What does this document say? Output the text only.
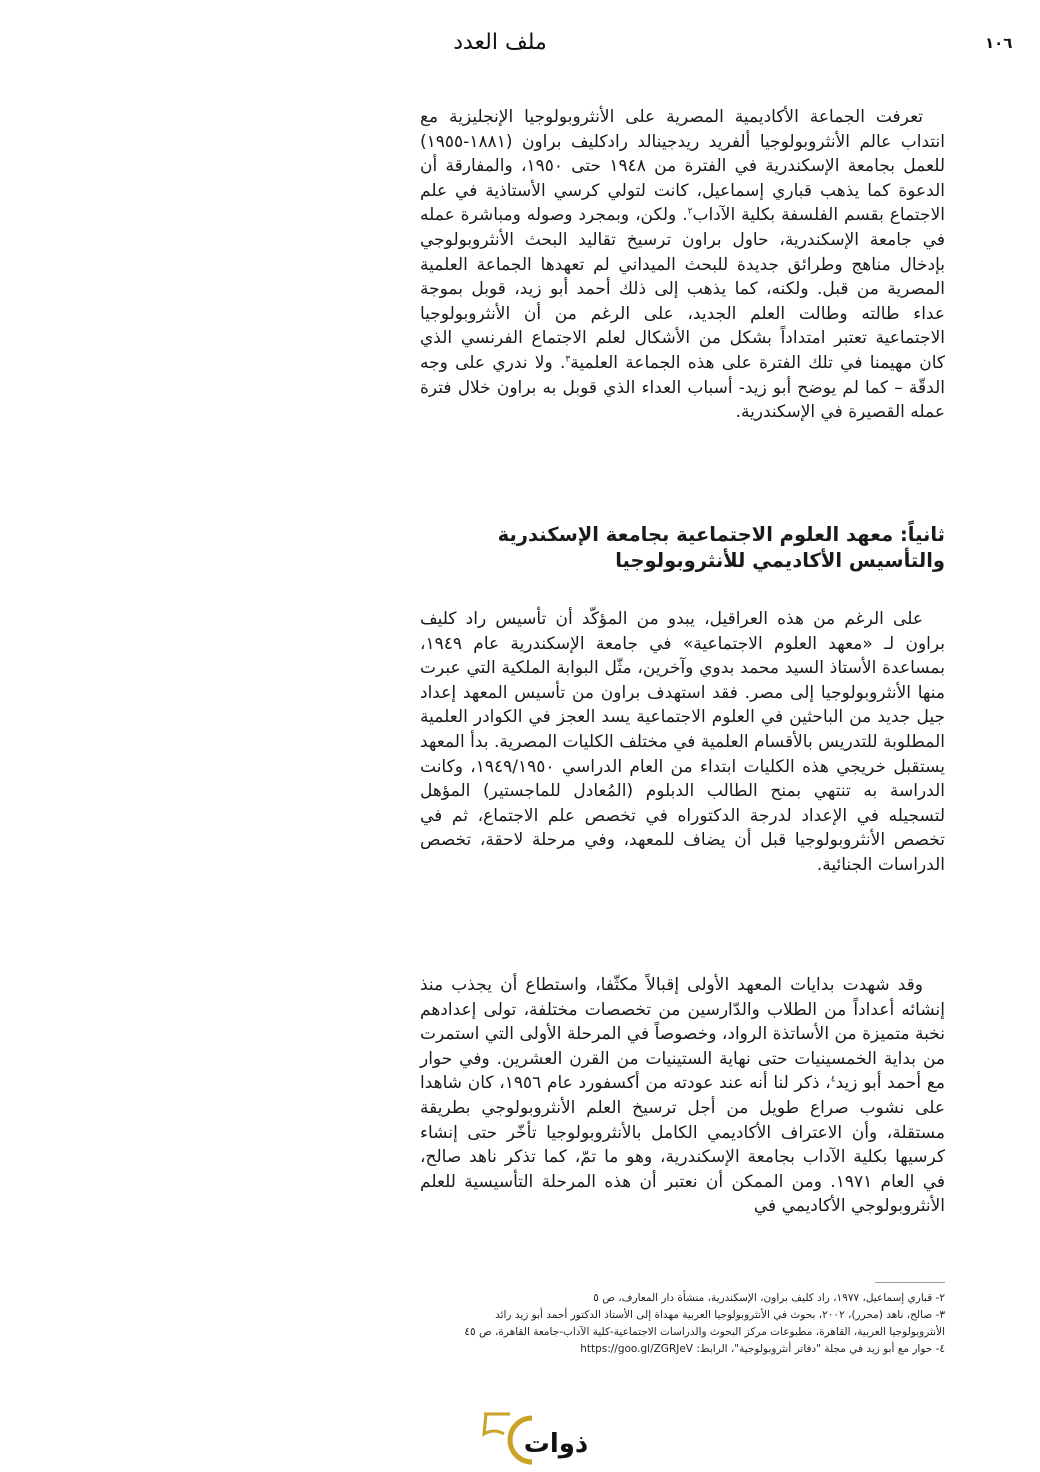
١٠٦
ملف العدد

تعرفت الجماعة الأكاديمية المصرية على الأنثروبولوجيا الإنجليزية مع انتداب عالم الأنثروبولوجيا ألفريد ريدجينالد رادكليف براون (١٨٨١-١٩٥٥) للعمل بجامعة الإسكندرية في الفترة من ١٩٤٨ حتى ١٩٥٠، والمفارقة أن الدعوة كما يذهب قباري إسماعيل، كانت لتولي كرسي الأستاذية في علم الاجتماع بقسم الفلسفة بكلية الآداب$^٢$. ولكن، وبمجرد وصوله ومباشرة عمله في جامعة الإسكندرية، حاول براون ترسيخ تقاليد البحث الأنثروبولوجي بإدخال مناهج وطرائق جديدة للبحث الميداني لم تعهدها الجماعة العلمية المصرية من قبل. ولكنه، كما يذهب إلى ذلك أحمد أبو زيد، قوبل بموجة عداء طالته وطالت العلم الجديد، على الرغم من أن الأنثروبولوجيا الاجتماعية تعتبر امتداداً بشكل من الأشكال لعلم الاجتماع الفرنسي الذي كان مهيمنا في تلك الفترة على هذه الجماعة العلمية$^٣$. ولا ندري على وجه الدقّة – كما لم يوضح أبو زيد- أسباب العداء الذي قوبل به براون خلال فترة عمله القصيرة في الإسكندرية.

ثانياً: معهد العلوم الاجتماعية بجامعة الإسكندرية
والتأسيس الأكاديمي للأنثروبولوجيا

على الرغم من هذه العراقيل، يبدو من المؤكّد أن تأسيس راد كليف براون لـ «معهد العلوم الاجتماعية» في جامعة الإسكندرية عام ١٩٤٩، بمساعدة الأستاذ السيد محمد بدوي وآخرين، مثّل البوابة الملكية التي عبرت منها الأنثروبولوجيا إلى مصر. فقد استهدف براون من تأسيس المعهد إعداد جيل جديد من الباحثين في العلوم الاجتماعية يسد العجز في الكوادر العلمية المطلوبة للتدريس بالأقسام العلمية في مختلف الكليات المصرية. بدأ المعهد يستقبل خريجي هذه الكليات ابتداء من العام الدراسي ١٩٤٩/١٩٥٠، وكانت الدراسة به تنتهي بمنح الطالب الدبلوم (المُعادل للماجستير) المؤهل لتسجيله في الإعداد لدرجة الدكتوراه في تخصص علم الاجتماع، ثم في تخصص الأنثروبولوجيا قبل أن يضاف للمعهد، وفي مرحلة لاحقة، تخصص الدراسات الجنائية.

وقد شهدت بدايات المعهد الأولى إقبالاً مكثّفا، واستطاع أن يجذب منذ إنشائه أعداداً من الطلاب والدّارسين من تخصصات مختلفة، تولى إعدادهم نخبة متميزة من الأساتذة الرواد، وخصوصاً في المرحلة الأولى التي استمرت من بداية الخمسينيات حتى نهاية الستينيات من القرن العشرين. وفي حوار مع أحمد أبو زيد$^٤$، ذكر لنا أنه عند عودته من أكسفورد عام ١٩٥٦، كان شاهدا على نشوب صراع طويل من أجل ترسيخ العلم الأنثروبولوجي بطريقة مستقلة، وأن الاعتراف الأكاديمي الكامل بالأنثروبولوجيا تأخّر حتى إنشاء كرسيها بكلية الآداب بجامعة الإسكندرية، وهو ما تمّ، كما تذكر ناهد صالح، في العام ١٩٧١. ومن الممكن أن نعتبر أن هذه المرحلة التأسيسية للعلم الأنثروبولوجي الأكاديمي في

٢- قباري إسماعيل، ١٩٧٧، راد كليف براون، الإسكندرية، منشأة دار المعارف، ص ٥

٣- صالح، ناهد (محرر)، ٢٠٠٢، بحوث في الأنثروبولوجيا العربية مهداة إلى الأستاذ الدكتور أحمد أبو زيد رائد

الأنثروبولوجيا العربية، القاهرة، مطبوعات مركز البحوث والدراسات الاجتماعية-كلية الآداب-جامعة القاهرة، ص ٤٥

٤- حوار مع أبو زيد في مجلة "دفاتر أنثروبولوجية"، الرابط: https://goo.gl/ZGRJeV

ذوات
